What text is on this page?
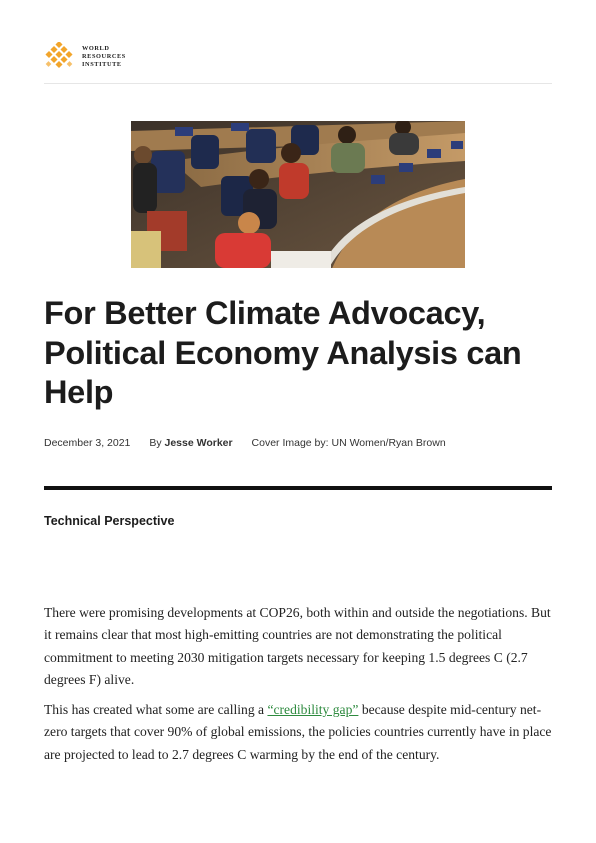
WORLD
RESOURCES
INSTITUTE
For Better Climate Advocacy, Political Economy Analysis can Help
December 3, 2021 By Jesse Worker Cover Image by: UN Women/Ryan Brown
Technical Perspective

There were promising developments at COP26, both within and outside the negotiations. But it remains clear that most high-emitting countries are not demonstrating the political commitment to meeting 2030 mitigation targets necessary for keeping 1.5 degrees C (2.7 degrees F) alive.

This has created what some are calling a “credibility gap” because despite mid-century net-zero targets that cover 90% of global emissions, the policies countries currently have in place are projected to lead to 2.7 degrees C warming by the end of the century.
